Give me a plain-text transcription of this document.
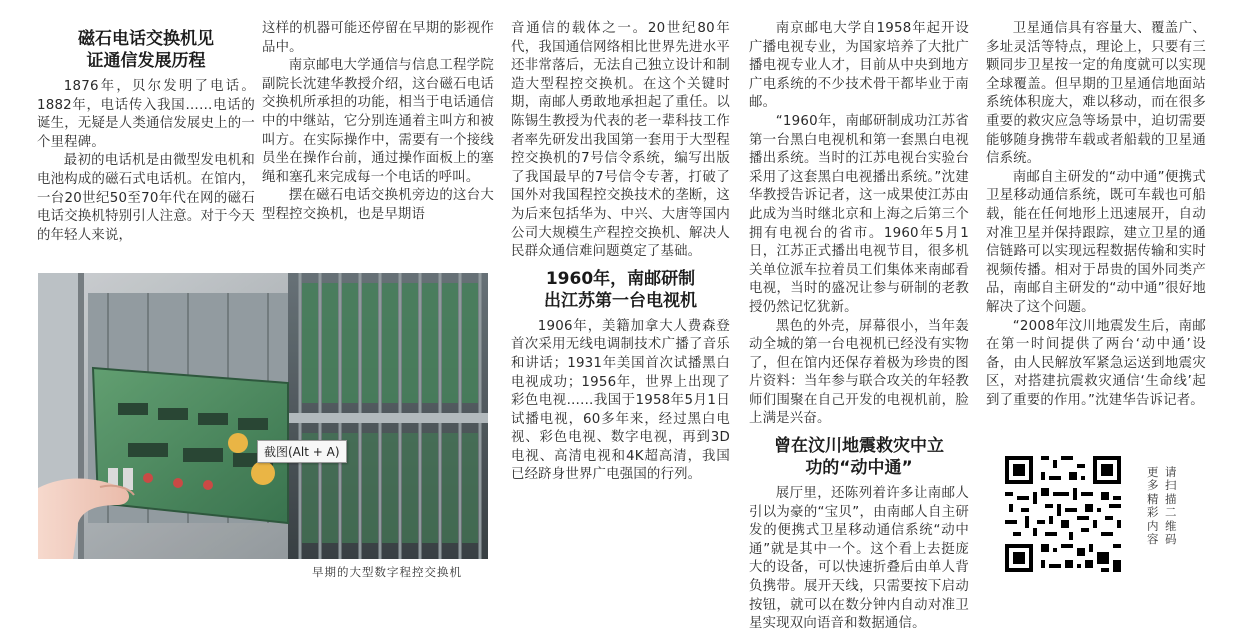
磁石电话交换机见证通信发展历程

1876年，贝尔发明了电话。1882年，电话传入我国……电话的诞生，无疑是人类通信发展史上的一个里程碑。

最初的电话机是由微型发电机和电池构成的磁石式电话机。在馆内，一台20世纪50至70年代在网的磁石电话交换机特别引人注意。对于今天的年轻人来说，

这样的机器可能还停留在早期的影视作品中。

南京邮电大学通信与信息工程学院副院长沈建华教授介绍，这台磁石电话交换机所承担的功能，相当于电话通信中的中继站，它分别连通着主叫方和被叫方。在实际操作中，需要有一个接线员坐在操作台前，通过操作面板上的塞绳和塞孔来完成每一个电话的呼叫。

摆在磁石电话交换机旁边的这台大型程控交换机，也是早期语

音通信的载体之一。20世纪80年代，我国通信网络相比世界先进水平还非常落后，无法自己独立设计和制造大型程控交换机。在这个关键时期，南邮人勇敢地承担起了重任。以陈锡生教授为代表的老一辈科技工作者率先研发出我国第一套用于大型程控交换机的7号信令系统，编写出版了我国最早的7号信令专著，打破了国外对我国程控交换技术的垄断，这为后来包括华为、中兴、大唐等国内公司大规模生产程控交换机、解决人民群众通信难问题奠定了基础。

1960年，南邮研制出江苏第一台电视机

1906年，美籍加拿大人费森登首次采用无线电调制技术广播了音乐和讲话；1931年美国首次试播黑白电视成功；1956年，世界上出现了彩色电视……我国于1958年5月1日试播电视，60多年来，经过黑白电视、彩色电视、数字电视，再到3D电视、高清电视和4K超高清，我国已经跻身世界广电强国的行列。

南京邮电大学自1958年起开设广播电视专业，为国家培养了大批广播电视专业人才，目前从中央到地方广电系统的不少技术骨干都毕业于南邮。

“1960年，南邮研制成功江苏省第一台黑白电视机和第一套黑白电视播出系统。当时的江苏电视台实验台采用了这套黑白电视播出系统。”沈建华教授告诉记者，这一成果使江苏由此成为当时继北京和上海之后第三个拥有电视台的省市。1960年5月1日，江苏正式播出电视节目，很多机关单位派车拉着员工们集体来南邮看电视，当时的盛况让参与研制的老教授仍然记忆犹新。

黑色的外壳，屏幕很小，当年轰动全城的第一台电视机已经没有实物了，但在馆内还保存着极为珍贵的图片资料：当年参与联合攻关的年轻教师们围聚在自己开发的电视机前，脸上满是兴奋。

曾在汶川地震救灾中立功的“动中通”

展厅里，还陈列着许多让南邮人引以为豪的“宝贝”，由南邮人自主研发的便携式卫星移动通信系统“动中通”就是其中一个。这个看上去挺庞大的设备，可以快速折叠后由单人背负携带。展开天线，只需要按下启动按钮，就可以在数分钟内自动对准卫星实现双向语音和数据通信。

卫星通信具有容量大、覆盖广、多址灵活等特点，理论上，只要有三颗同步卫星按一定的角度就可以实现全球覆盖。但早期的卫星通信地面站系统体积庞大，难以移动，而在很多重要的救灾应急等场景中，迫切需要能够随身携带车载或者船载的卫星通信系统。

南邮自主研发的“动中通”便携式卫星移动通信系统，既可车载也可船载，能在任何地形上迅速展开，自动对准卫星并保持跟踪，建立卫星的通信链路可以实现远程数据传输和实时视频传播。相对于昂贵的国外同类产品，南邮自主研发的“动中通”很好地解决了这个问题。

“2008年汶川地震发生后，南邮在第一时间提供了两台‘动中通’设备，由人民解放军紧急运送到地震灾区，对搭建抗震救灾通信‘生命线’起到了重要的作用。”沈建华告诉记者。

截图(Alt + A)
早期的大型数字程控交换机
请扫描二维码
更多精彩内容
